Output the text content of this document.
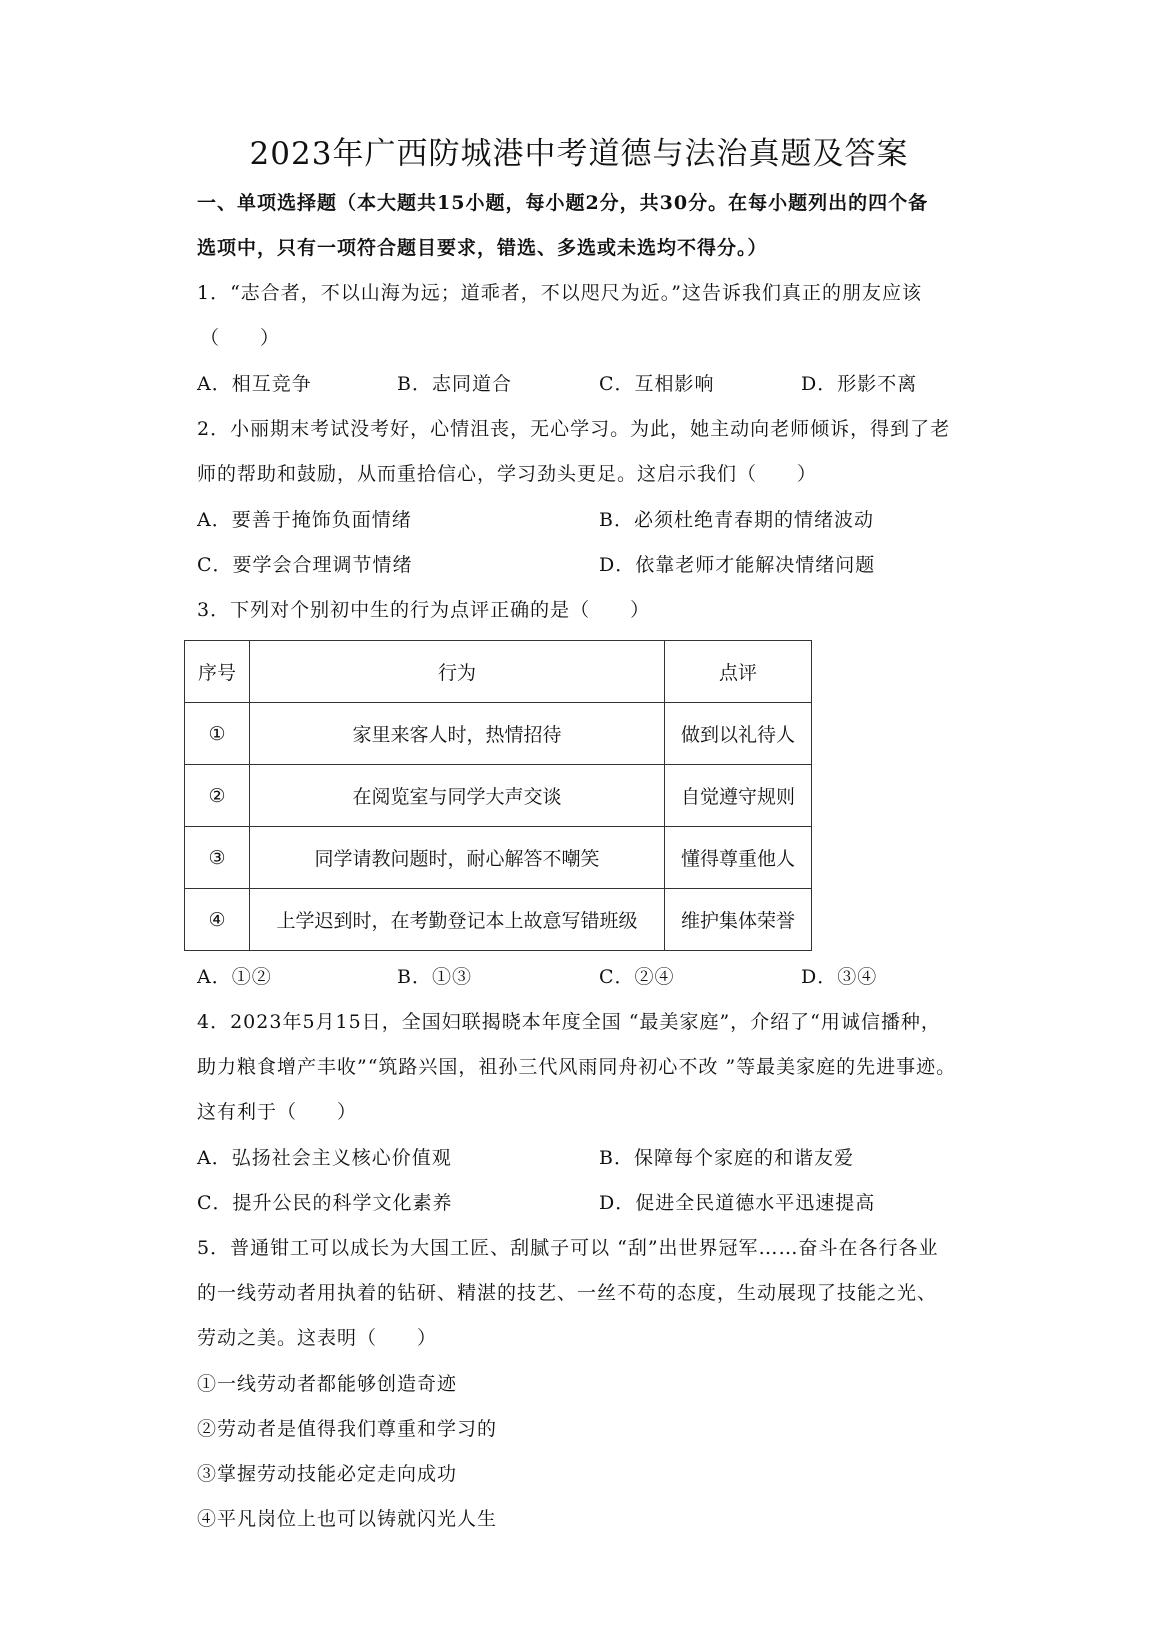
2023年广西防城港中考道德与法治真题及答案
一、单项选择题（本大题共15小题，每小题2分，共30分。在每小题列出的四个备
选项中，只有一项符合题目要求，错选、多选或未选均不得分。）
1．“志合者，不以山海为远；道乖者，不以咫尺为近。”这告诉我们真正的朋友应该
（　　）
A．相互竞争	B．志同道合	C．互相影响	D．形影不离
2．小丽期末考试没考好，心情沮丧，无心学习。为此，她主动向老师倾诉，得到了老
师的帮助和鼓励，从而重拾信心，学习劲头更足。这启示我们（　　）
A．要善于掩饰负面情绪	B．必须杜绝青春期的情绪波动
C．要学会合理调节情绪	D．依靠老师才能解决情绪问题
3．下列对个别初中生的行为点评正确的是（　　）
序号	行为	点评
①	家里来客人时，热情招待	做到以礼待人
②	在阅览室与同学大声交谈	自觉遵守规则
③	同学请教问题时，耐心解答不嘲笑	懂得尊重他人
④	上学迟到时，在考勤登记本上故意写错班级	维护集体荣誉
A．①②	B．①③	C．②④	D．③④
4．2023年5月15日，全国妇联揭晓本年度全国 “最美家庭”，介绍了“用诚信播种，
助力粮食增产丰收”“筑路兴国，祖孙三代风雨同舟初心不改 ”等最美家庭的先进事迹。
这有利于（　　）
A．弘扬社会主义核心价值观	B．保障每个家庭的和谐友爱
C．提升公民的科学文化素养	D．促进全民道德水平迅速提高
5．普通钳工可以成长为大国工匠、刮腻子可以 “刮”出世界冠军……奋斗在各行各业
的一线劳动者用执着的钻研、精湛的技艺、一丝不苟的态度，生动展现了技能之光、
劳动之美。这表明（　　）
①一线劳动者都能够创造奇迹
②劳动者是值得我们尊重和学习的
③掌握劳动技能必定走向成功
④平凡岗位上也可以铸就闪光人生
